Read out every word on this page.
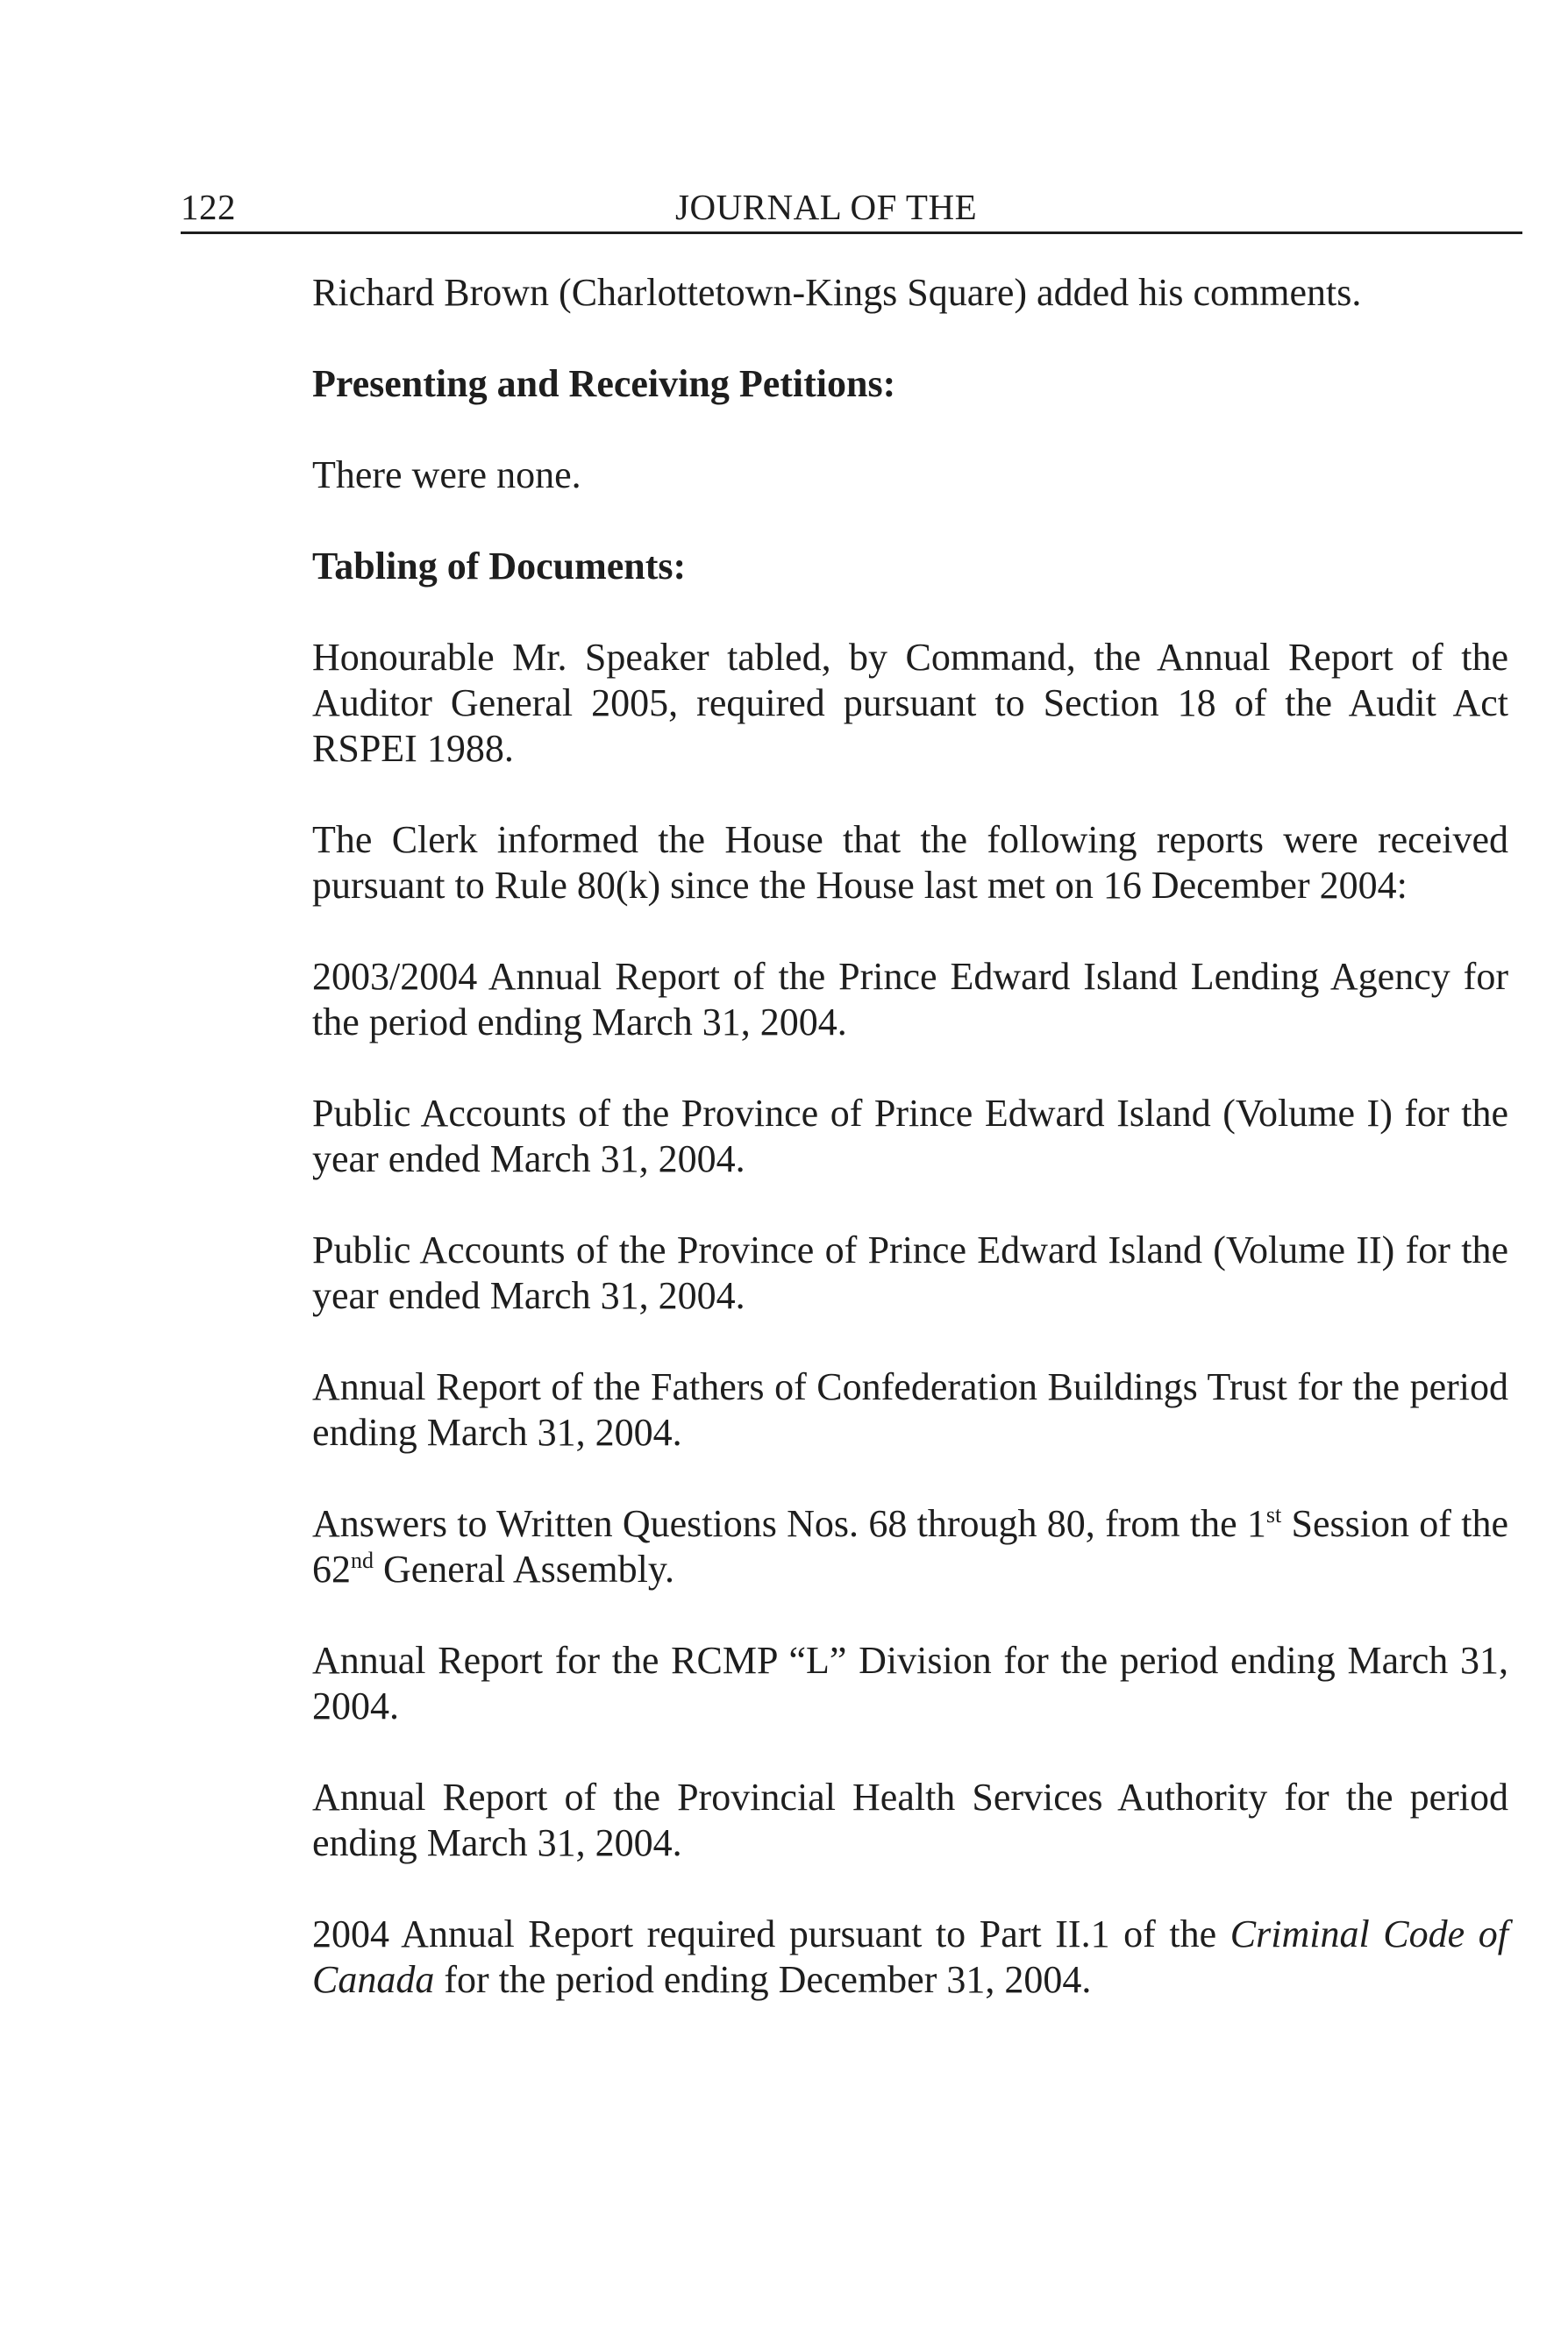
122	JOURNAL OF THE

Richard Brown (Charlottetown-Kings Square) added his comments.

Presenting and Receiving Petitions:

There were none.

Tabling of Documents:

Honourable Mr. Speaker tabled, by Command, the Annual Report of the Auditor General 2005, required pursuant to Section 18 of the Audit Act RSPEI 1988.

The Clerk informed the House that the following reports were received pursuant to Rule 80(k) since the House last met on 16 December 2004:

2003/2004 Annual Report of the Prince Edward Island Lending Agency for the period ending March 31, 2004.

Public Accounts of the Province of Prince Edward Island (Volume I) for the year ended March 31, 2004.

Public Accounts of the Province of Prince Edward Island (Volume II) for the year ended March 31, 2004.

Annual Report of the Fathers of Confederation Buildings Trust for the period ending March 31, 2004.

Answers to Written Questions Nos. 68 through 80, from the 1st Session of the 62nd General Assembly.

Annual Report for the RCMP “L” Division for the period ending March 31, 2004.

Annual Report of the Provincial Health Services Authority for the period ending March 31, 2004.

2004 Annual Report required pursuant to Part II.1 of the Criminal Code of Canada for the period ending December 31, 2004.
